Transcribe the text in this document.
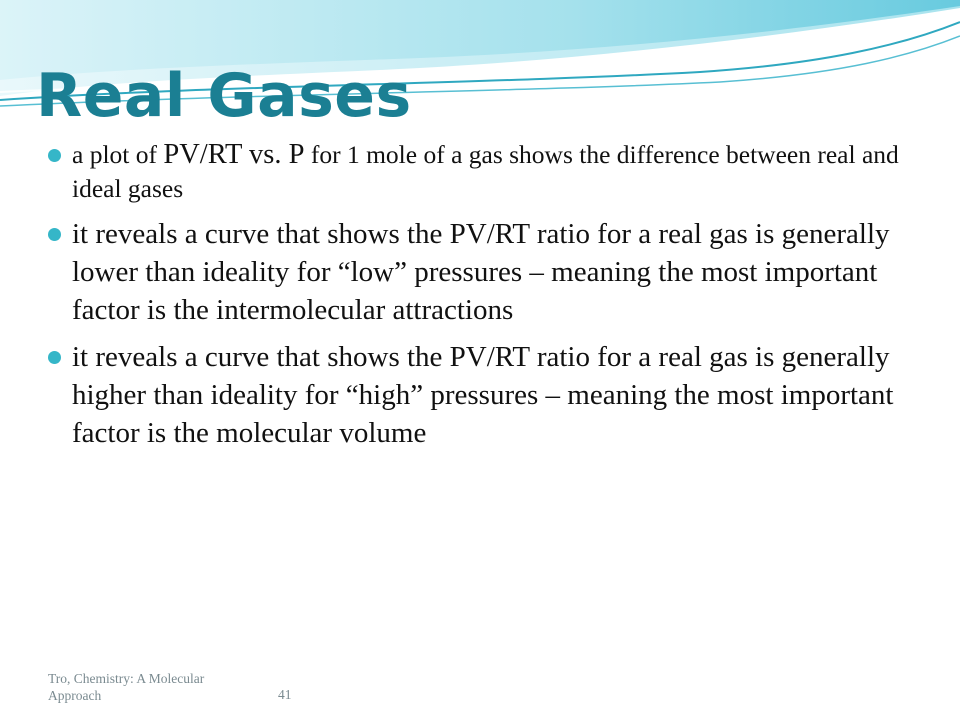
Real Gases
a plot of PV/RT vs. P for 1 mole of a gas shows the difference between real and ideal gases
it reveals a curve that shows the PV/RT ratio for a real gas is generally lower than ideality for “low” pressures – meaning the most important factor is the intermolecular attractions
it reveals a curve that shows the PV/RT ratio for a real gas is generally higher than ideality for “high” pressures – meaning the most important factor is the molecular volume
Tro, Chemistry: A Molecular Approach	41
